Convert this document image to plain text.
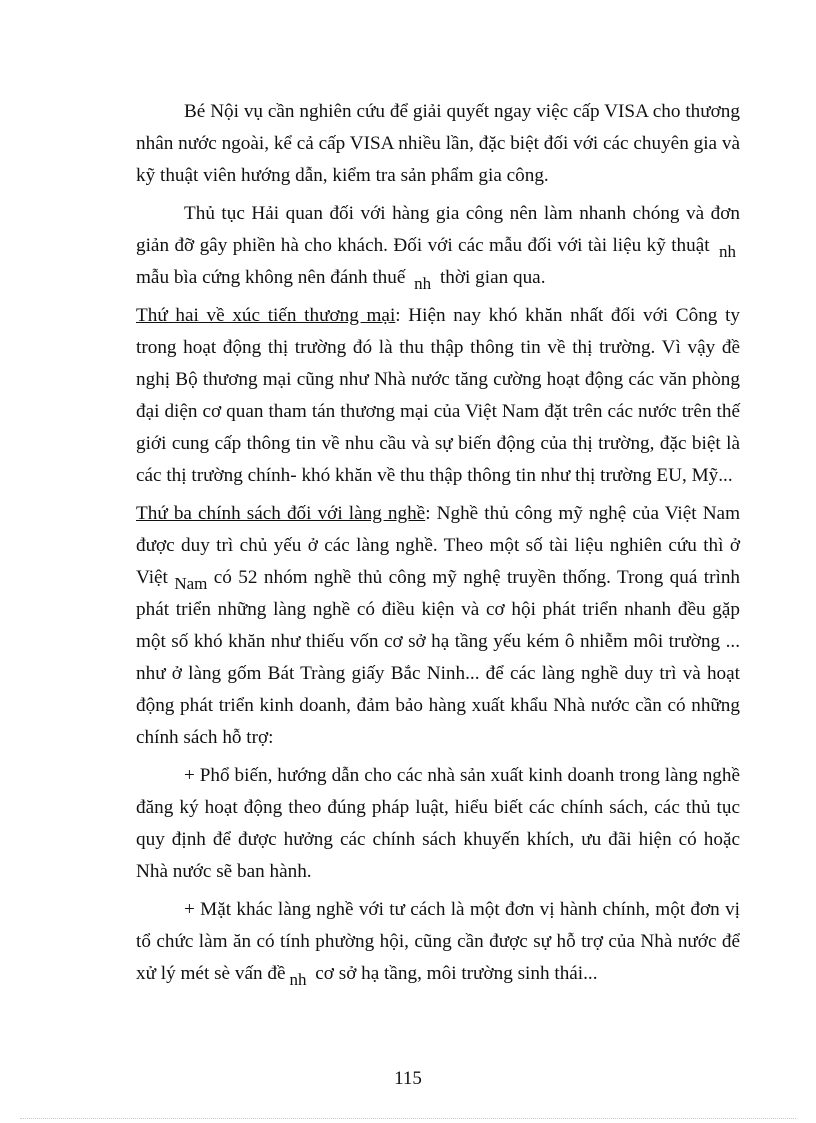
Bé Nội vụ cần nghiên cứu để giải quyết ngay việc cấp VISA cho thương nhân nước ngoài, kể cả cấp VISA nhiều lần, đặc biệt đối với các chuyên gia và kỹ thuật viên hướng dẫn, kiểm tra sản phẩm gia công.

Thủ tục Hải quan đối với hàng gia công nên làm nhanh chóng và đơn giản đỡ gây phiền hà cho khách. Đối với các mẫu đối với tài liệu kỹ thuật nh mẫu bìa cứng không nên đánh thuế nh thời gian qua.

Thứ hai về xúc tiến thương mại: Hiện nay khó khăn nhất đối với Công ty trong hoạt động thị trường đó là thu thập thông tin về thị trường. Vì vậy đề nghị Bộ thương mại cũng như Nhà nước tăng cường hoạt động các văn phòng đại diện cơ quan tham tán thương mại của Việt Nam đặt trên các nước trên thế giới cung cấp thông tin về nhu cầu và sự biến động của thị trường, đặc biệt là các thị trường chính- khó khăn về thu thập thông tin như thị trường EU, Mỹ...

Thứ ba chính sách đối với làng nghề: Nghề thủ công mỹ nghệ của Việt Nam được duy trì chủ yếu ở các làng nghề. Theo một số tài liệu nghiên cứu thì ở Việt Nam có 52 nhóm nghề thủ công mỹ nghệ truyền thống. Trong quá trình phát triển những làng nghề có điều kiện và cơ hội phát triển nhanh đều gặp một số khó khăn như thiếu vốn cơ sở hạ tầng yếu kém ô nhiễm môi trường ... như ở làng gốm Bát Tràng giấy Bắc Ninh... để các làng nghề duy trì và hoạt động phát triển kinh doanh, đảm bảo hàng xuất khẩu Nhà nước cần có những chính sách hỗ trợ:

+ Phổ biến, hướng dẫn cho các nhà sản xuất kinh doanh trong làng nghề đăng ký hoạt động theo đúng pháp luật, hiểu biết các chính sách, các thủ tục quy định để được hưởng các chính sách khuyến khích, ưu đãi hiện có hoặc Nhà nước sẽ ban hành.

+ Mặt khác làng nghề với tư cách là một đơn vị hành chính, một đơn vị tổ chức làm ăn có tính phường hội, cũng cần được sự hỗ trợ của Nhà nước để xử lý mét sè vấn đề nh cơ sở hạ tầng, môi trường sinh thái...

115
